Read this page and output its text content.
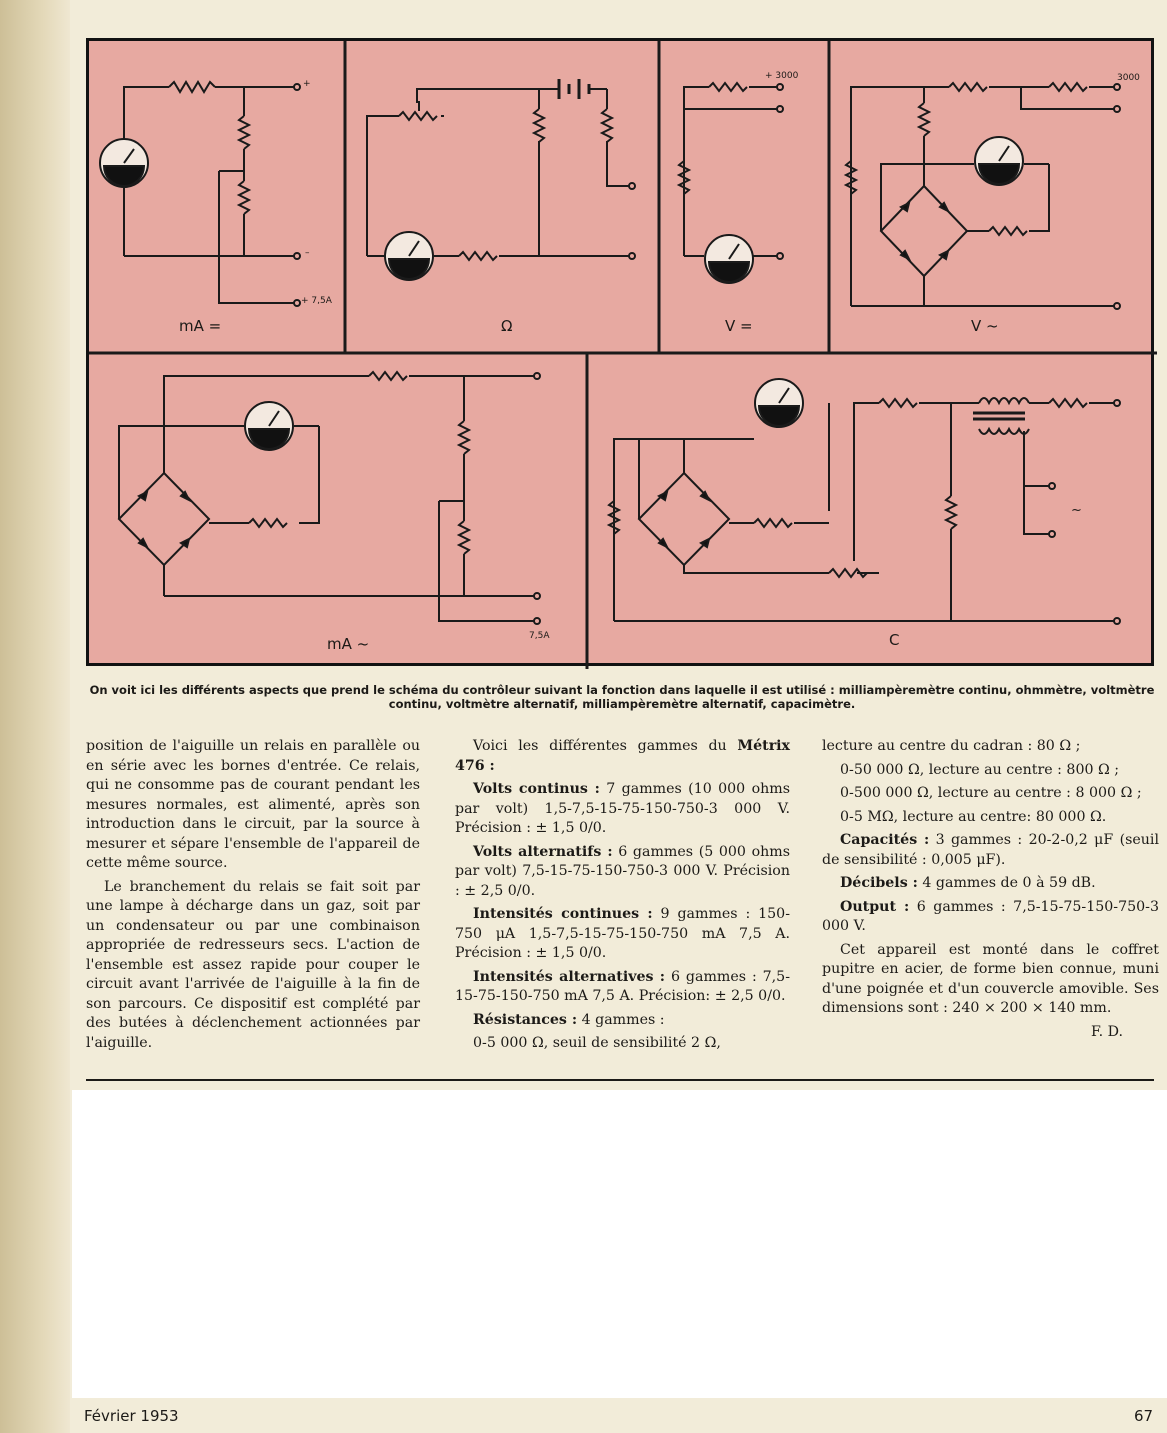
mA =	Ω	V =	V ~
mA ~	C
+
–
+ 7,5A
+ 3000	3000
7,5A
~
On voit ici les différents aspects que prend le schéma du contrôleur suivant la fonction dans laquelle il est utilisé : milliampèremètre continu, ohmmètre, voltmètre continu, voltmètre alternatif, milliampèremètre alternatif, capacimètre.

position de l'aiguille un relais en parallèle ou en série avec les bornes d'entrée. Ce relais, qui ne consomme pas de courant pendant les mesures normales, est alimenté, après son introduction dans le circuit, par la source à mesurer et sépare l'ensemble de l'appareil de cette même source.

Le branchement du relais se fait soit par une lampe à décharge dans un gaz, soit par un condensateur ou par une combinaison appropriée de redresseurs secs. L'action de l'ensemble est assez rapide pour couper le circuit avant l'arrivée de l'aiguille à la fin de son parcours. Ce dispositif est complété par des butées à déclenchement actionnées par l'aiguille.

Voici les différentes gammes du Métrix 476 :

Volts continus : 7 gammes (10 000 ohms par volt) 1,5-7,5-15-75-150-750-3 000 V. Précision : ± 1,5 0/0.

Volts alternatifs : 6 gammes (5 000 ohms par volt) 7,5-15-75-150-750-3 000 V. Précision : ± 2,5 0/0.

Intensités continues : 9 gammes : 150-750 μA 1,5-7,5-15-75-150-750 mA 7,5 A. Précision : ± 1,5 0/0.

Intensités alternatives : 6 gammes : 7,5-15-75-150-750 mA 7,5 A. Précision: ± 2,5 0/0.

Résistances : 4 gammes :

0-5 000 Ω, seuil de sensibilité 2 Ω,

lecture au centre du cadran : 80 Ω ;

0-50 000 Ω, lecture au centre : 800 Ω ;

0-500 000 Ω, lecture au centre : 8 000 Ω ;

0-5 MΩ, lecture au centre: 80 000 Ω.

Capacités : 3 gammes : 20-2-0,2 μF (seuil de sensibilité : 0,005 μF).

Décibels : 4 gammes de 0 à 59 dB.

Output : 6 gammes : 7,5-15-75-150-750-3 000 V.

Cet appareil est monté dans le coffret pupitre en acier, de forme bien connue, muni d'une poignée et d'un couvercle amovible. Ses dimensions sont : 240 × 200 × 140 mm.

F. D.

Février 1953	67
